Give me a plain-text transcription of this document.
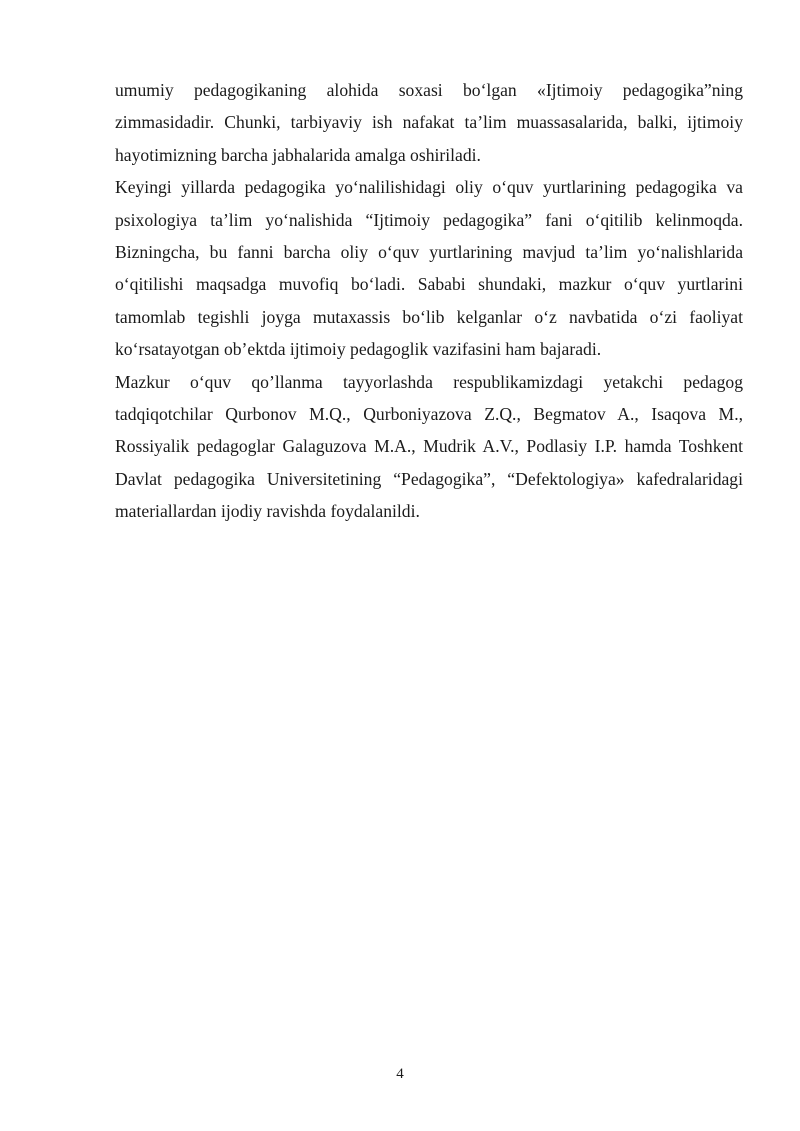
umumiy pedagogikaning alohida soxasi boʻlgan «Ijtimoiy pedagogika”ning zimmasidadir. Chunki, tarbiyaviy ish nafakat taʼlim muassasalarida, balki, ijtimoiy hayotimizning barcha jabhalarida amalga oshiriladi.

Keyingi yillarda pedagogika yoʻnalilishidagi oliy oʻquv yurtlarining pedagogika va psixologiya taʼlim yoʻnalishida “Ijtimoiy pedagogika” fani oʻqitilib kelinmoqda. Bizningcha, bu fanni barcha oliy oʻquv yurtlarining mavjud taʼlim yoʻnalishlarida oʻqitilishi maqsadga muvofiq boʻladi. Sababi shundaki, mazkur oʻquv yurtlarini tamomlab tegishli joyga mutaxassis boʻlib kelganlar oʻz navbatida oʻzi faoliyat koʻrsatayotgan obʼektda ijtimoiy pedagoglik vazifasini ham bajaradi.

Mazkur oʻquv qoʼllanma tayyorlashda respublikamizdagi yetakchi pedagog tadqiqotchilar Qurbonov M.Q., Qurboniyazova Z.Q., Begmatov A., Isaqova M., Rossiyalik pedagoglar Galaguzova M.A., Mudrik A.V., Podlasiy I.P. hamda Toshkent Davlat pedagogika Universitetining “Pedagogika”, “Defektologiya» kafedralaridagi materiallardan ijodiy ravishda foydalanildi.

4
